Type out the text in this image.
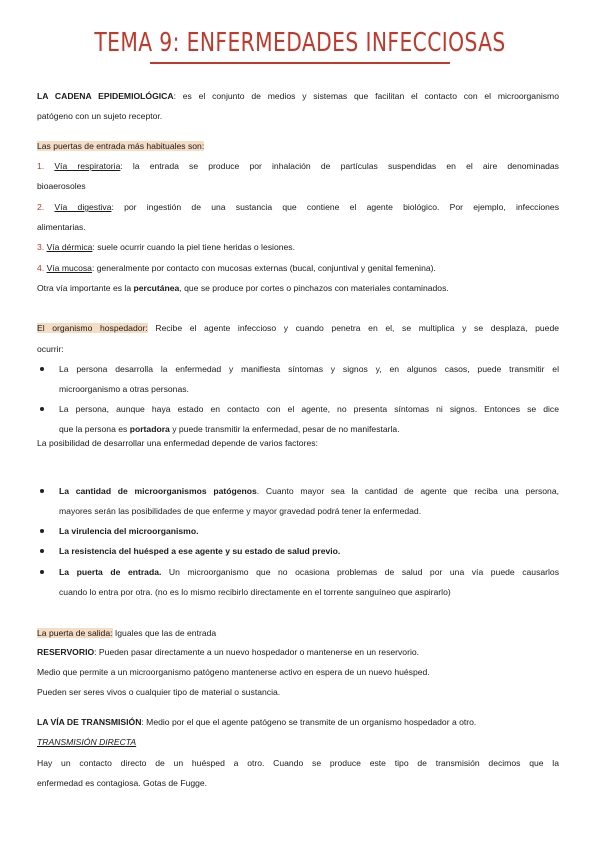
TEMA 9: ENFERMEDADES INFECCIOSAS
LA CADENA EPIDEMIOLÓGICA: es el conjunto de medios y sistemas que facilitan el contacto con el microorganismo
patógeno con un sujeto receptor.
Las puertas de entrada más habituales son:
1. Vía respiratoria: la entrada se produce por inhalación de partículas suspendidas en el aire denominadas
bioaerosoles
2. Vía digestiva: por ingestión de una sustancia que contiene el agente biológico. Por ejemplo, infecciones
alimentarias.
3. Vía dérmica: suele ocurrir cuando la piel tiene heridas o lesiones.
4. Vía mucosa: generalmente por contacto con mucosas externas (bucal, conjuntival y genital femenina).
Otra vía importante es la percutánea, que se produce por cortes o pinchazos con materiales contaminados.
El organismo hospedador: Recibe el agente infeccioso y cuando penetra en el, se multiplica y se desplaza, puede
ocurrir:
La persona desarrolla la enfermedad y manifiesta síntomas y signos y, en algunos casos, puede transmitir el
microorganismo a otras personas.
La persona, aunque haya estado en contacto con el agente, no presenta síntomas ni signos. Entonces se dice
que la persona es portadora y puede transmitir la enfermedad, pesar de no manifestarla.
La posibilidad de desarrollar una enfermedad depende de varios factores:
La cantidad de microorganismos patógenos. Cuanto mayor sea la cantidad de agente que reciba una persona,
mayores serán las posibilidades de que enferme y mayor gravedad podrá tener la enfermedad.
La virulencia del microorganismo.
La resistencia del huésped a ese agente y su estado de salud previo.
La puerta de entrada. Un microorganismo que no ocasiona problemas de salud por una vía puede causarlos
cuando lo entra por otra. (no es lo mismo recibirlo directamente en el torrente sanguíneo que aspirarlo)
La puerta de salida: Iguales que las de entrada
RESERVORIO: Pueden pasar directamente a un nuevo hospedador o mantenerse en un reservorio.
Medio que permite a un microorganismo patógeno mantenerse activo en espera de un nuevo huésped.
Pueden ser seres vivos o cualquier tipo de material o sustancia.
LA VÍA DE TRANSMISIÓN: Medio por el que el agente patógeno se transmite de un organismo hospedador a otro.
TRANSMISIÓN DIRECTA
Hay un contacto directo de un huésped a otro. Cuando se produce este tipo de transmisión decimos que la
enfermedad es contagiosa. Gotas de Fugge.
